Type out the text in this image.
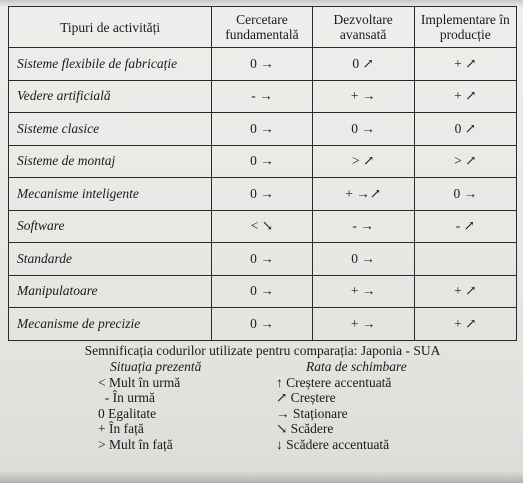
Tipuri de activități	Cercetare fundamentală	Dezvoltare avansată	Implementare în producție
Sisteme flexibile de fabricație	0 →	0 ↗	+ ↗
Vedere artificială	- →	+ →	+ ↗
Sisteme clasice	0 →	0 →	0 ↗
Sisteme de montaj	0 →	> ↗	> ↗
Mecanisme inteligente	0 →	+ →↗	0 →
Software	< ↘	- →	- ↗
Standarde	0 →	0 →	
Manipulatoare	0 →	+ →	+ ↗
Mecanisme de precizie	0 →	+ →	+ ↗
Semnificația codurilor utilizate pentru comparația: Japonia - SUA
Situația prezentă
< Mult în urmă
- În urmă
0 Egalitate
+ În față
> Mult în față
Rata de schimbare
↑ Creștere accentuată
↗ Creștere
→ Staționare
↘ Scădere
↓ Scădere accentuată
